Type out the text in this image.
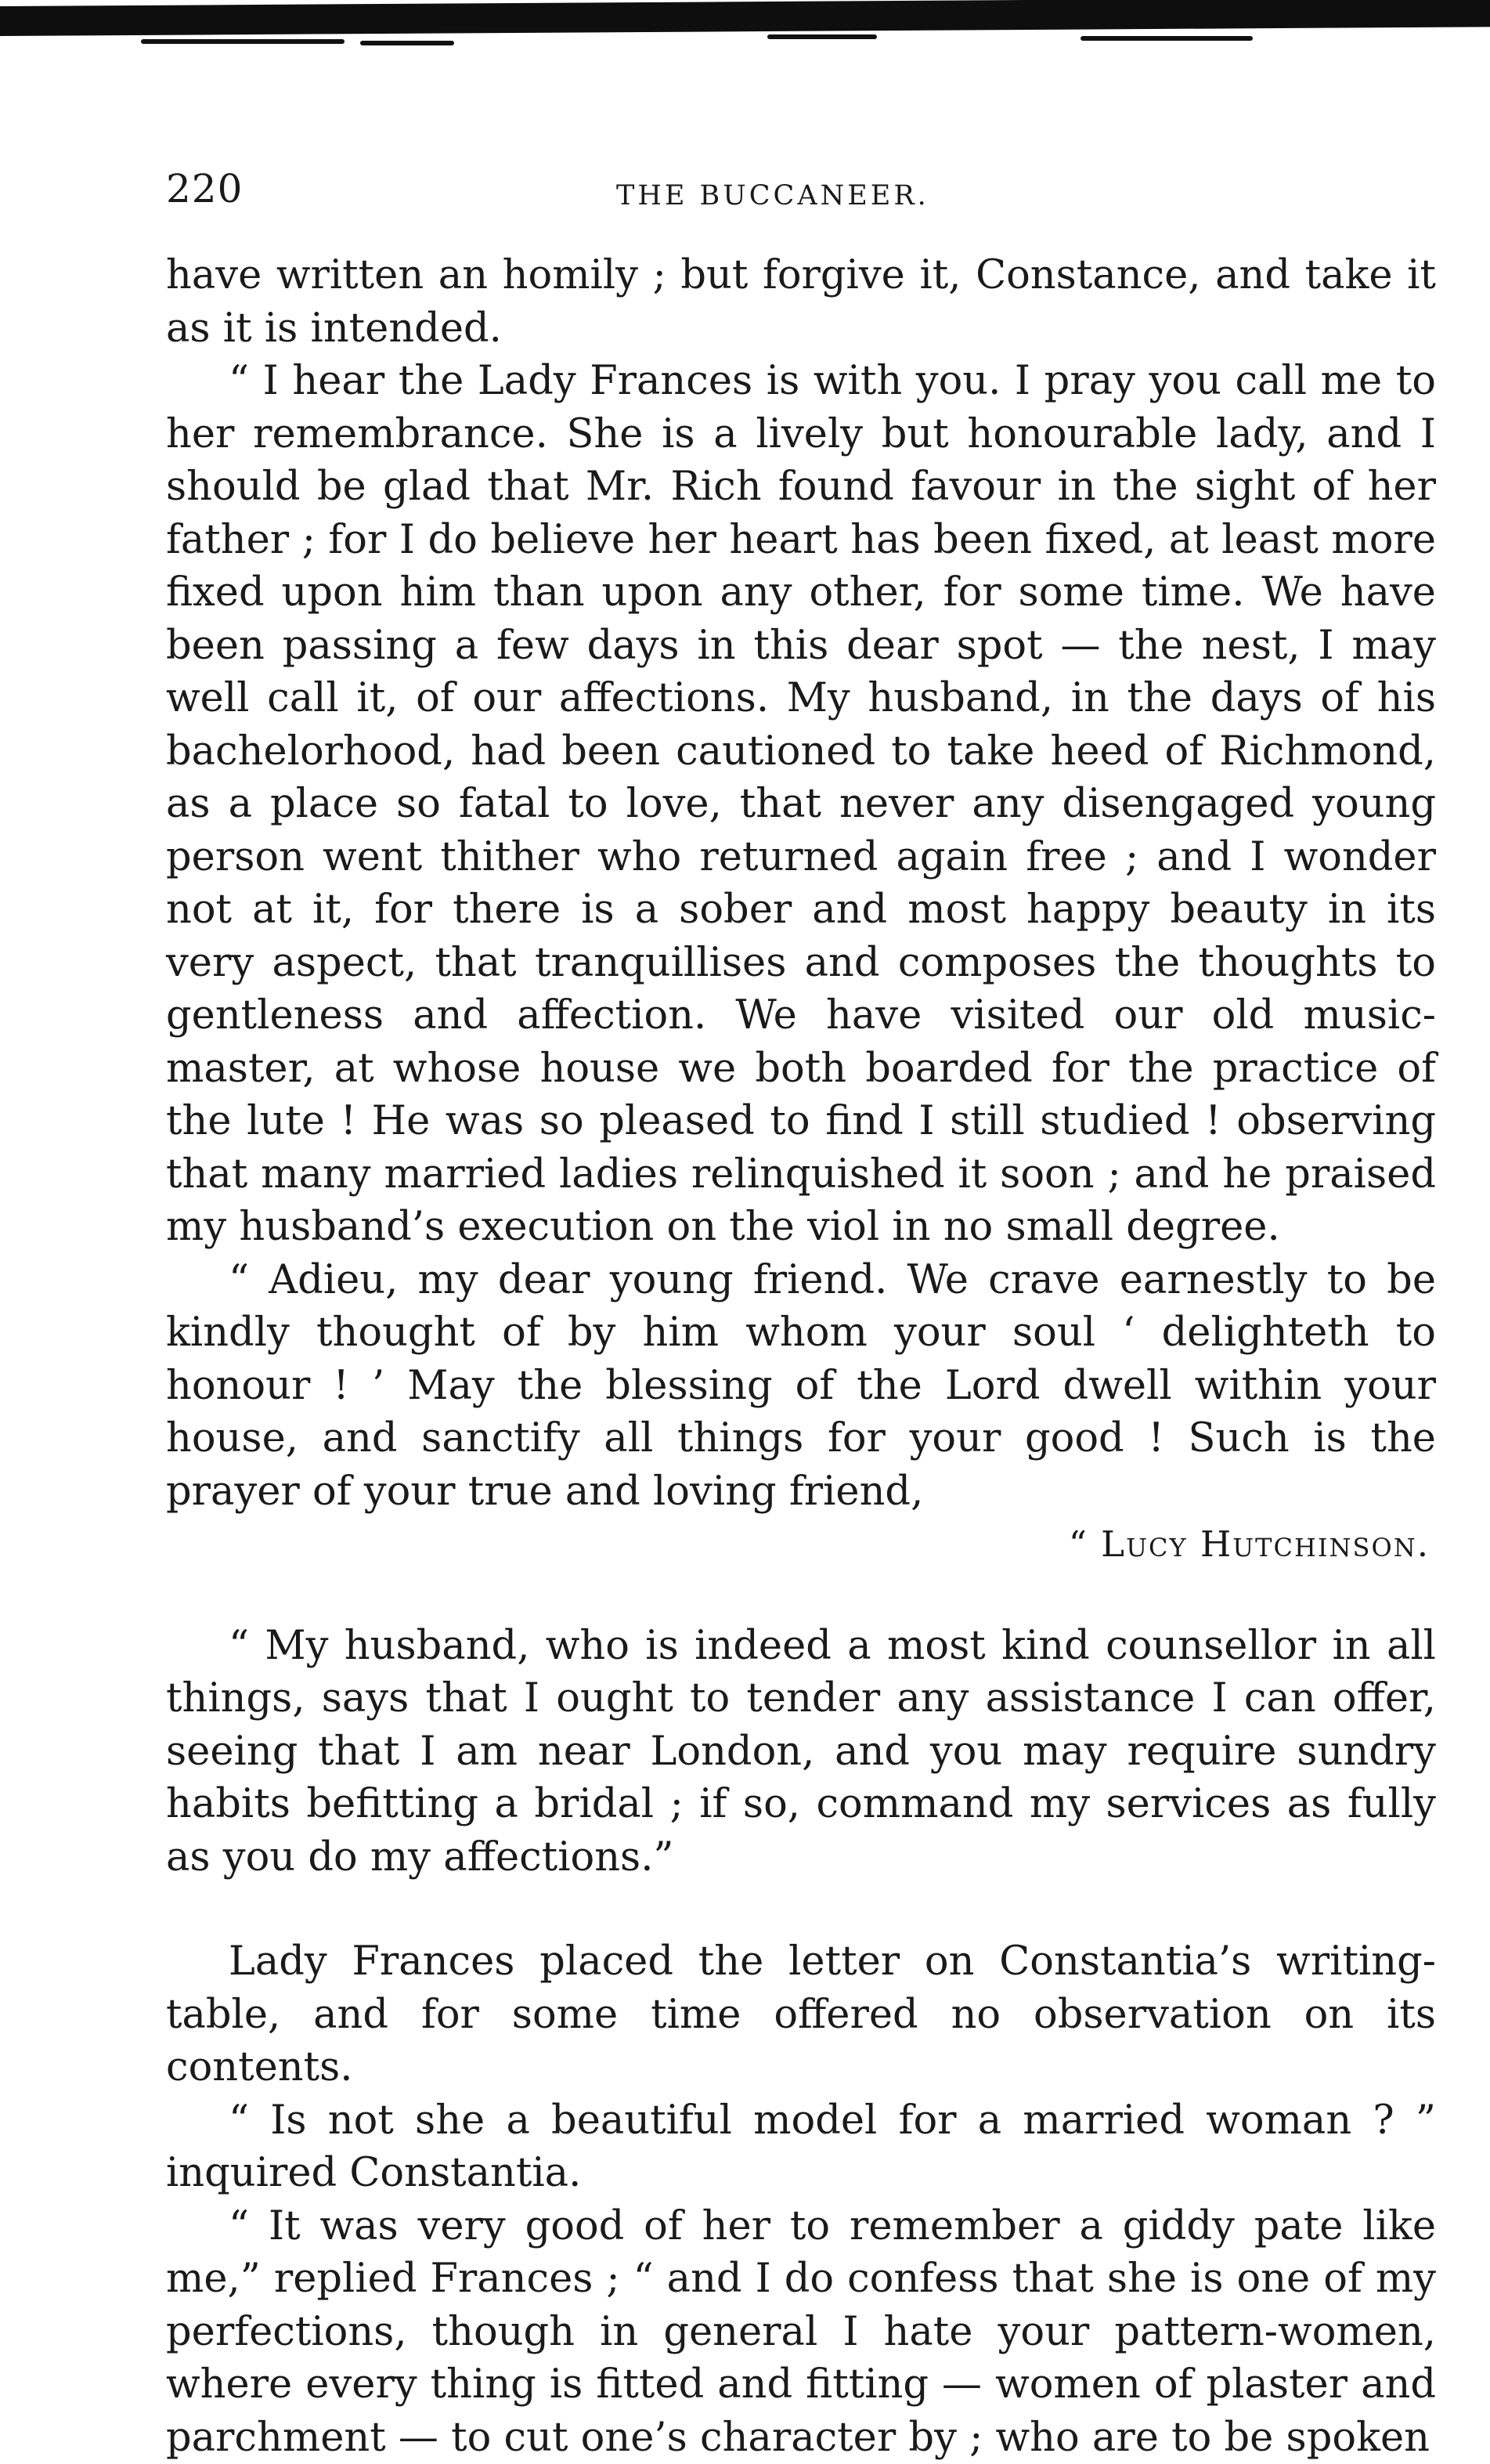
220	THE BUCCANEER.

have written an homily ; but forgive it, Constance, and take it as it is intended.

“ I hear the Lady Frances is with you. I pray you call me to her remembrance. She is a lively but honourable lady, and I should be glad that Mr. Rich found favour in the sight of her father ; for I do believe her heart has been fixed, at least more fixed upon him than upon any other, for some time. We have been passing a few days in this dear spot — the nest, I may well call it, of our affections. My husband, in the days of his bachelorhood, had been cautioned to take heed of Richmond, as a place so fatal to love, that never any disengaged young person went thither who returned again free ; and I wonder not at it, for there is a sober and most happy beauty in its very aspect, that tranquillises and composes the thoughts to gentleness and affection. We have visited our old music-master, at whose house we both boarded for the practice of the lute ! He was so pleased to find I still studied ! observing that many married ladies relinquished it soon ; and he praised my husband’s execution on the viol in no small degree.

“ Adieu, my dear young friend. We crave earnestly to be kindly thought of by him whom your soul ‘ delighteth to honour ! ’ May the blessing of the Lord dwell within your house, and sanctify all things for your good ! Such is the prayer of your true and loving friend,

“ Lucy Hutchinson.

“ My husband, who is indeed a most kind counsellor in all things, says that I ought to tender any assistance I can offer, seeing that I am near London, and you may require sundry habits befitting a bridal ; if so, command my services as fully as you do my affections.”

Lady Frances placed the letter on Constantia’s writing-table, and for some time offered no observation on its contents.

“ Is not she a beautiful model for a married woman ? ” inquired Constantia.

“ It was very good of her to remember a giddy pate like me,” replied Frances ; “ and I do confess that she is one of my perfections, though in general I hate your pattern-women, where every thing is fitted and fitting — women of plaster and parchment — to cut one’s character by ; who are to be spoken
